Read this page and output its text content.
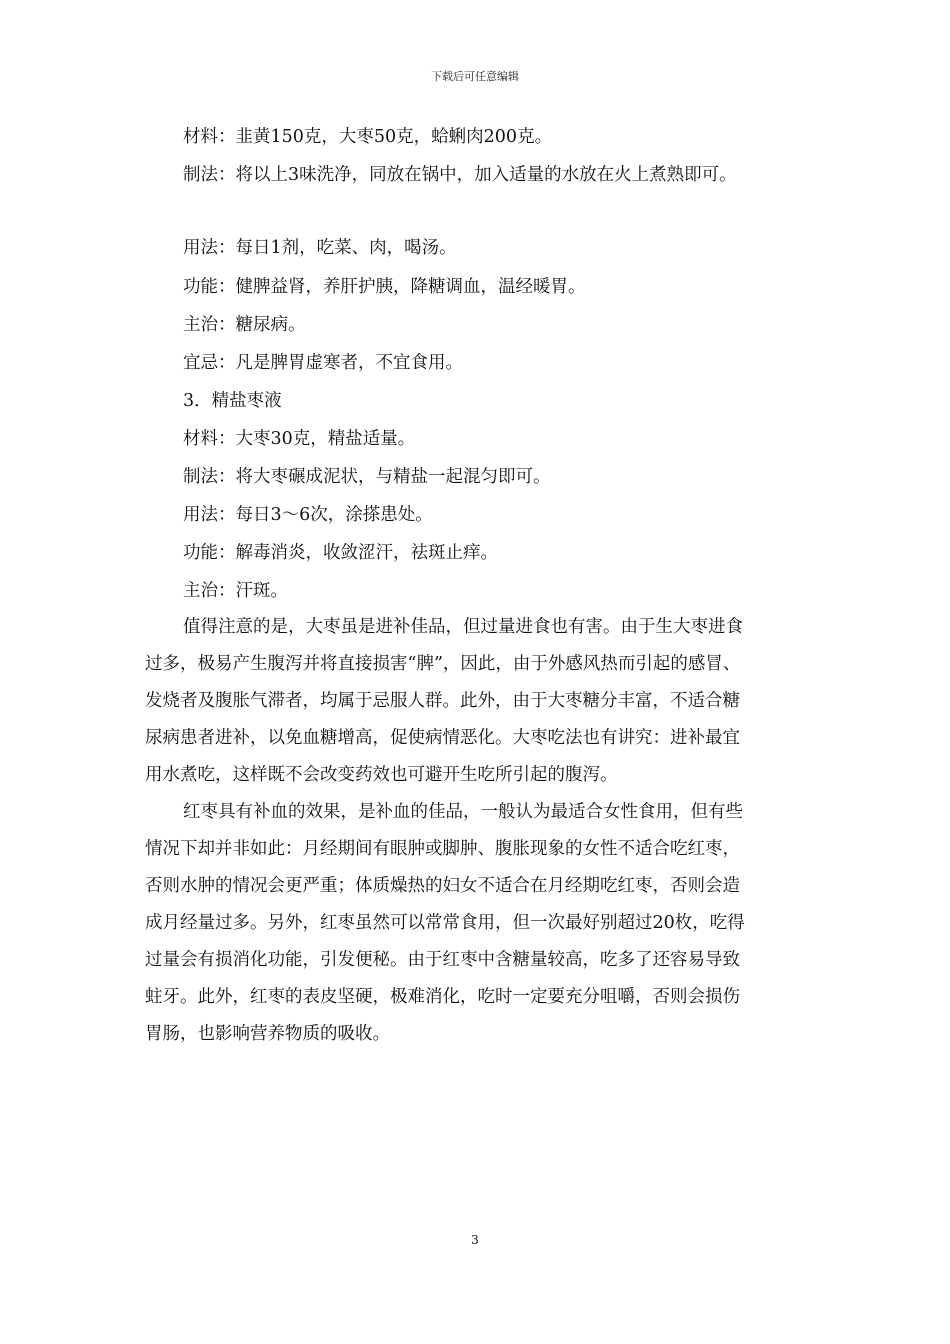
下载后可任意编辑
材料：韭黄150克，大枣50克，蛤蜊肉200克。
制法：将以上3味洗净，同放在锅中，加入适量的水放在火上煮熟即可。
用法：每日1剂，吃菜、肉，喝汤。
功能：健脾益肾，养肝护胰，降糖调血，温经暖胃。
主治：糖尿病。
宜忌：凡是脾胃虚寒者，不宜食用。
3．精盐枣液
材料：大枣30克，精盐适量。
制法：将大枣碾成泥状，与精盐一起混匀即可。
用法：每日3～6次，涂搽患处。
功能：解毒消炎，收敛涩汗，祛斑止痒。
主治：汗斑。
值得注意的是，大枣虽是进补佳品，但过量进食也有害。由于生大枣进食
过多，极易产生腹泻并将直接损害“脾”，因此，由于外感风热而引起的感冒、
发烧者及腹胀气滞者，均属于忌服人群。此外，由于大枣糖分丰富，不适合糖
尿病患者进补，以免血糖增高，促使病情恶化。大枣吃法也有讲究：进补最宜
用水煮吃，这样既不会改变药效也可避开生吃所引起的腹泻。
红枣具有补血的效果，是补血的佳品，一般认为最适合女性食用，但有些
情况下却并非如此：月经期间有眼肿或脚肿、腹胀现象的女性不适合吃红枣，
否则水肿的情况会更严重；体质燥热的妇女不适合在月经期吃红枣，否则会造
成月经量过多。另外，红枣虽然可以常常食用，但一次最好别超过20枚，吃得
过量会有损消化功能，引发便秘。由于红枣中含糖量较高，吃多了还容易导致
蛀牙。此外，红枣的表皮坚硬，极难消化，吃时一定要充分咀嚼，否则会损伤
胃肠，也影响营养物质的吸收。
3
